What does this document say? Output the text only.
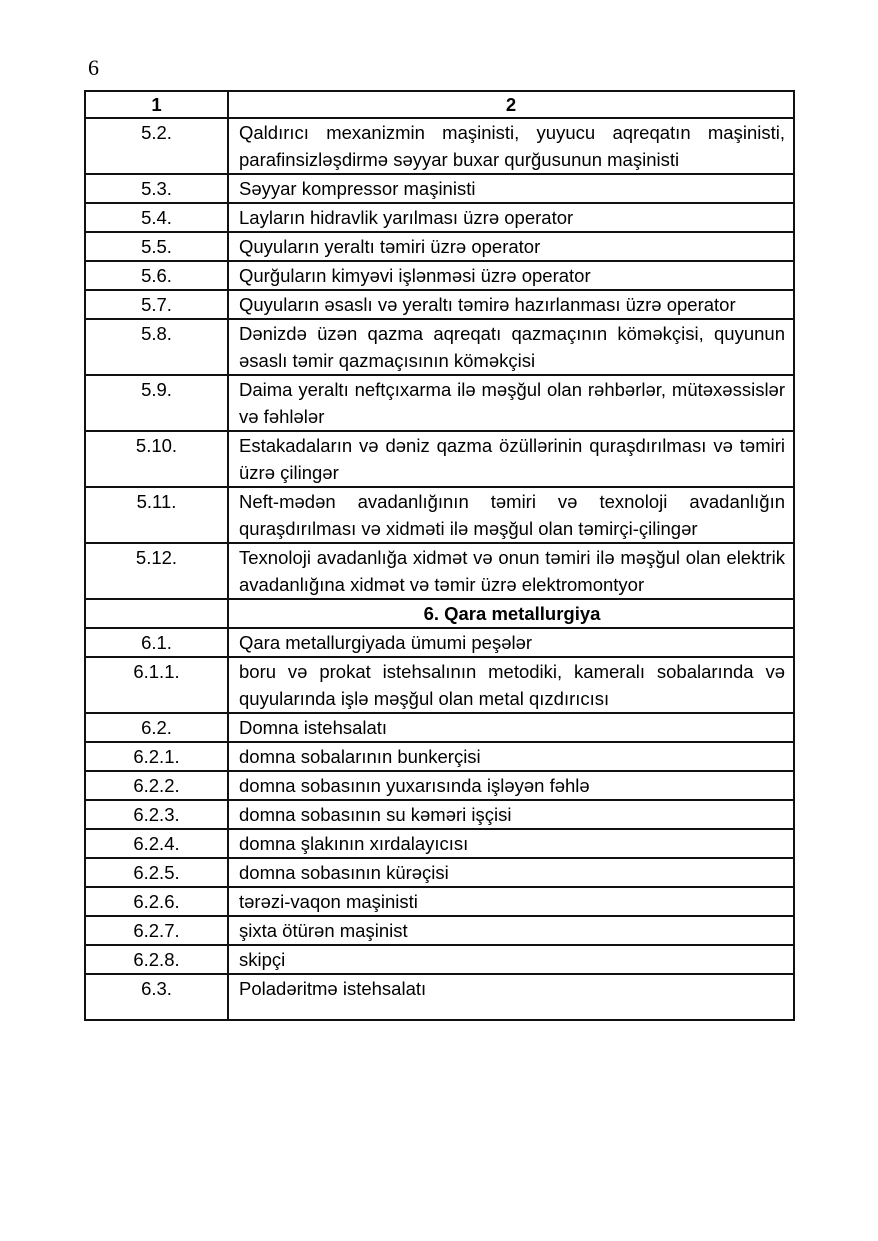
6
1	2
5.2.	Qaldırıcı mexanizmin maşinisti, yuyucu aqreqatın maşinisti, parafinsizləşdirmə səyyar buxar qurğusunun maşinisti
5.3.	Səyyar kompressor maşinisti
5.4.	Layların hidravlik yarılması üzrə operator
5.5.	Quyuların yeraltı təmiri üzrə operator
5.6.	Qurğuların kimyəvi işlənməsi üzrə operator
5.7.	Quyuların əsaslı və yeraltı təmirə hazırlanması üzrə operator
5.8.	Dənizdə üzən qazma aqreqatı qazmaçının köməkçisi, quyunun əsaslı təmir qazmaçısının köməkçisi
5.9.	Daima yeraltı neftçıxarma ilə məşğul olan rəhbərlər, mütəxəssislər və fəhlələr
5.10.	Estakadaların və dəniz qazma özüllərinin quraşdırılması və təmiri üzrə çilingər
5.11.	Neft-mədən avadanlığının təmiri və texnoloji avadanlığın quraşdırılması və xidməti ilə məşğul olan təmirçi-çilingər
5.12.	Texnoloji avadanlığa xidmət və onun təmiri ilə məşğul olan elektrik avadanlığına xidmət və təmir üzrə elektromontyor
	6. Qara metallurgiya
6.1.	Qara metallurgiyada ümumi peşələr
6.1.1.	boru və prokat istehsalının metodiki, kameralı sobalarında və quyularında işlə məşğul olan metal qızdırıcısı
6.2.	Domna istehsalatı
6.2.1.	domna sobalarının bunkerçisi
6.2.2.	domna sobasının yuxarısında işləyən fəhlə
6.2.3.	domna sobasının su kəməri işçisi
6.2.4.	domna şlakının xırdalayıcısı
6.2.5.	domna sobasının kürəçisi
6.2.6.	tərəzi-vaqon maşinisti
6.2.7.	şixta ötürən maşinist
6.2.8.	skipçi
6.3.	Poladəritmə istehsalatı
